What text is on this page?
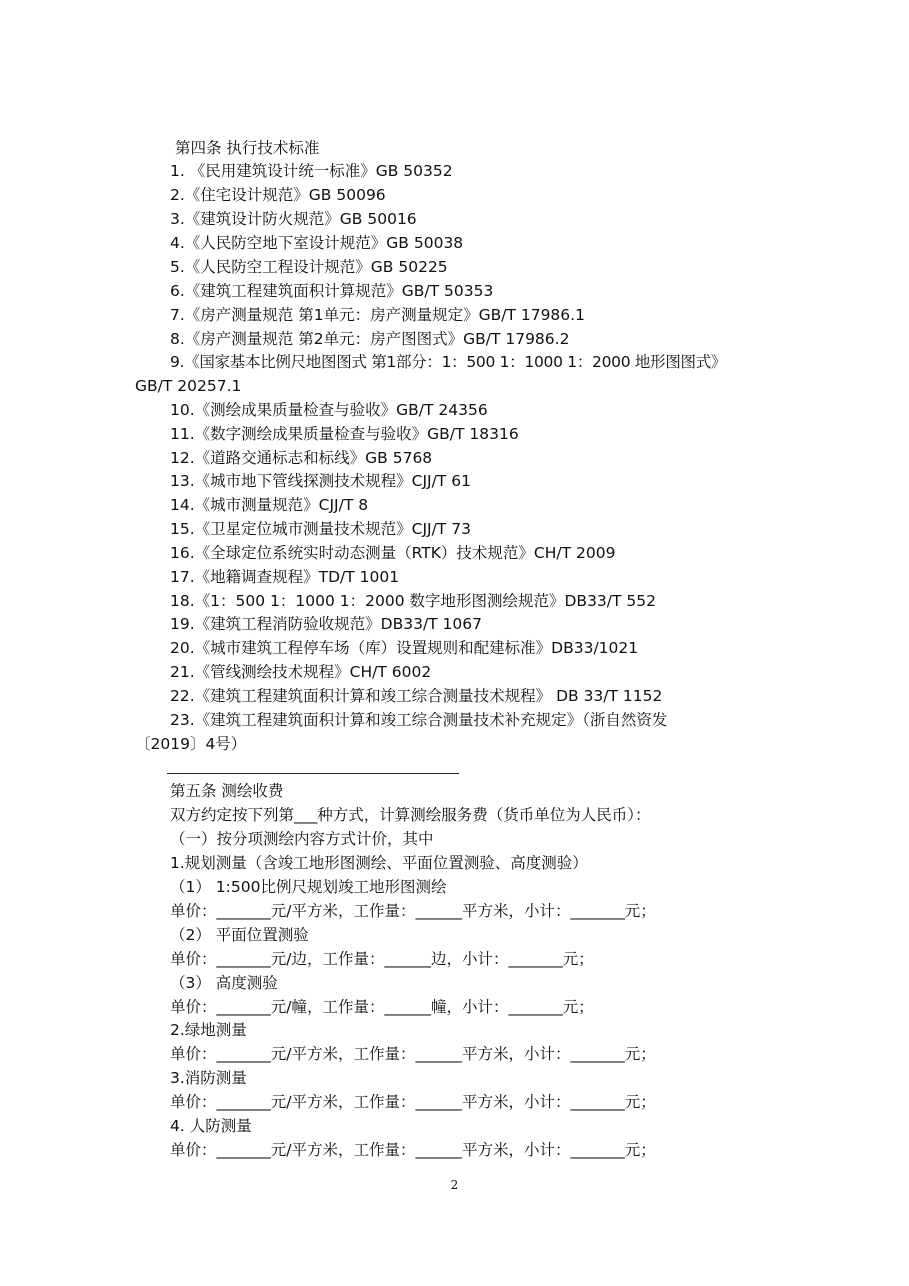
第四条 执行技术标准
1. 《民用建筑设计统一标准》GB 50352
2.《住宅设计规范》GB 50096
3.《建筑设计防火规范》GB 50016
4.《人民防空地下室设计规范》GB 50038
5.《人民防空工程设计规范》GB 50225
6.《建筑工程建筑面积计算规范》GB/T 50353
7.《房产测量规范 第1单元：房产测量规定》GB/T 17986.1
8.《房产测量规范 第2单元：房产图图式》GB/T 17986.2
9.《国家基本比例尺地图图式 第1部分：1：500 1：1000 1：2000 地形图图式》
GB/T 20257.1
10.《测绘成果质量检查与验收》GB/T 24356
11.《数字测绘成果质量检查与验收》GB/T 18316
12.《道路交通标志和标线》GB 5768
13.《城市地下管线探测技术规程》CJJ/T 61
14.《城市测量规范》CJJ/T 8
15.《卫星定位城市测量技术规范》CJJ/T 73
16.《全球定位系统实时动态测量（RTK）技术规范》CH/T 2009
17.《地籍调查规程》TD/T 1001
18.《1：500 1：1000 1：2000 数字地形图测绘规范》DB33/T 552
19.《建筑工程消防验收规范》DB33/T 1067
20.《城市建筑工程停车场（库）设置规则和配建标准》DB33/1021
21.《管线测绘技术规程》CH/T 6002
22.《建筑工程建筑面积计算和竣工综合测量技术规程》 DB 33/T 1152
23.《建筑工程建筑面积计算和竣工综合测量技术补充规定》（浙自然资发
〔2019〕4号）
第五条 测绘收费
双方约定按下列第___种方式，计算测绘服务费（货币单位为人民币）：
（一）按分项测绘内容方式计价，其中
1.规划测量（含竣工地形图测绘、平面位置测验、高度测验）
（1） 1:500比例尺规划竣工地形图测绘
单价：_______元/平方米，工作量：______平方米，小计：_______元；
（2） 平面位置测验
单价：_______元/边，工作量：______边，小计：_______元；
（3） 高度测验
单价：_______元/幢，工作量：______幢，小计：_______元；
2.绿地测量
单价：_______元/平方米，工作量：______平方米，小计：_______元；
3.消防测量
单价：_______元/平方米，工作量：______平方米，小计：_______元；
4. 人防测量
单价：_______元/平方米，工作量：______平方米，小计：_______元；
2
